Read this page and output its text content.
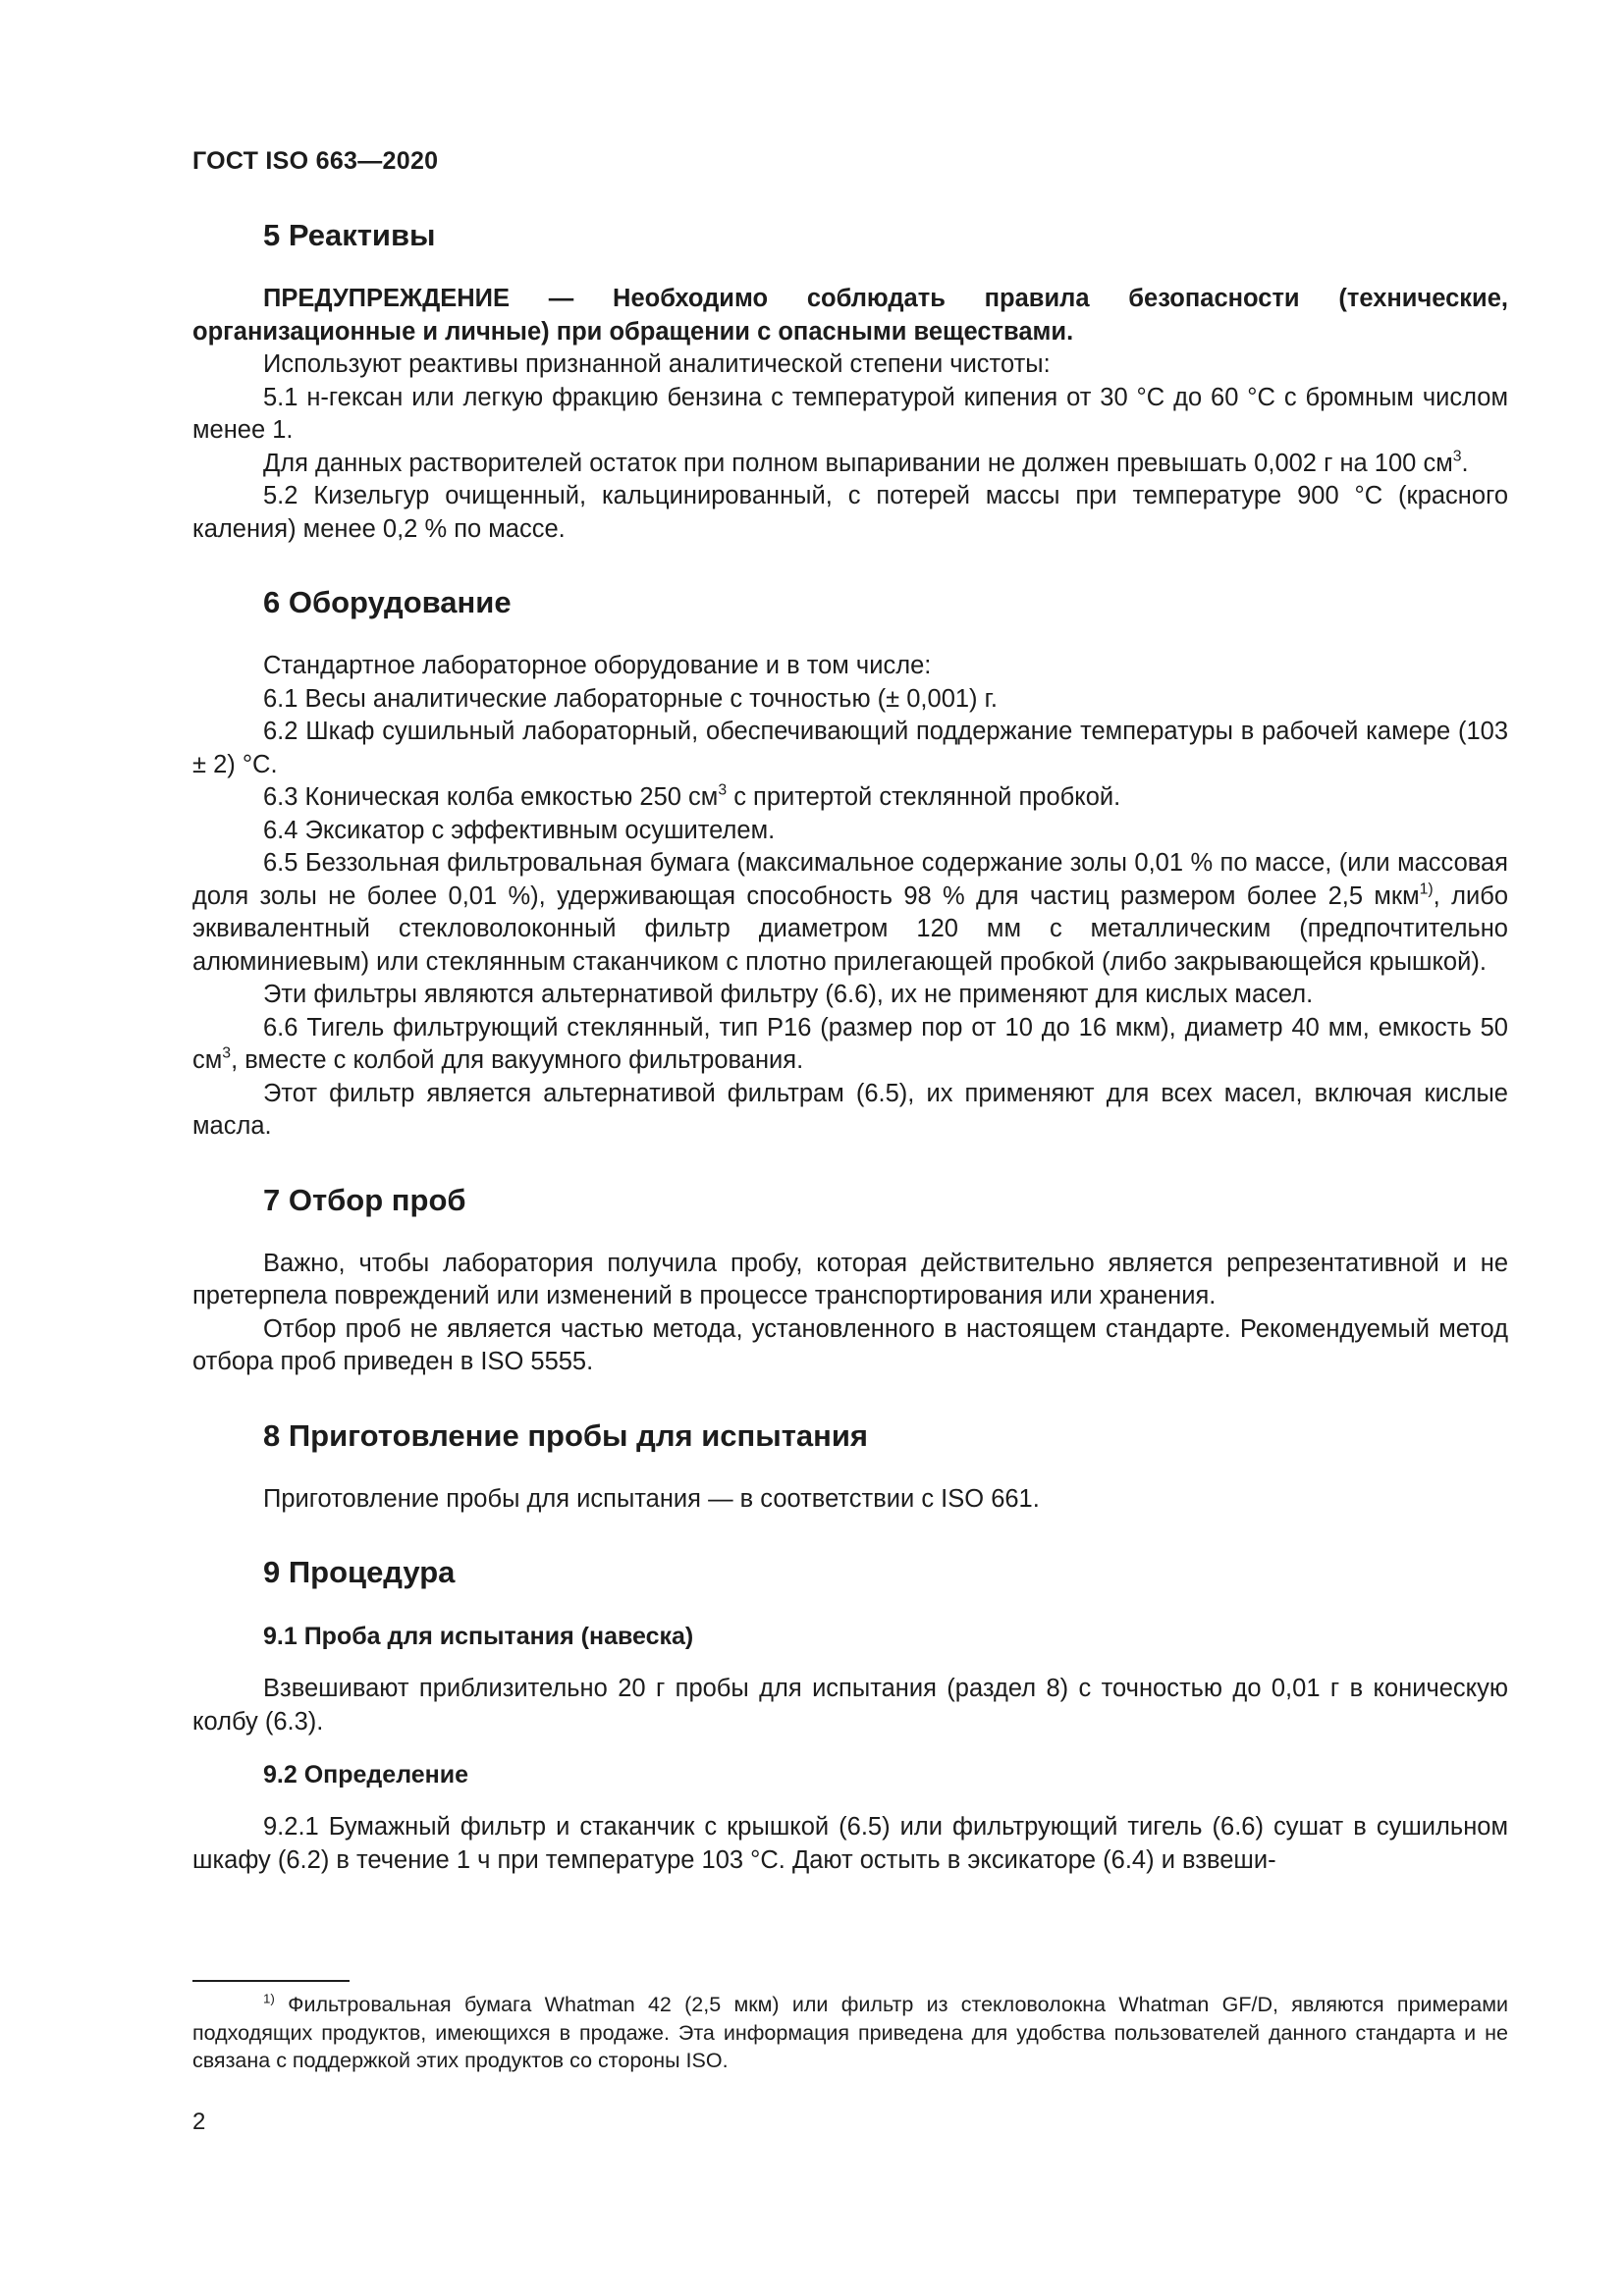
ГОСТ ISO 663—2020
5 Реактивы

ПРЕДУПРЕЖДЕНИЕ — Необходимо соблюдать правила безопасности (технические, организационные и личные) при обращении с опасными веществами.

Используют реактивы признанной аналитической степени чистоты:

5.1 н-гексан или легкую фракцию бензина с температурой кипения от 30 °С до 60 °С с бромным числом менее 1.

Для данных растворителей остаток при полном выпаривании не должен превышать 0,002 г на 100 $см^3$.

5.2 Кизельгур очищенный, кальцинированный, с потерей массы при температуре 900 °С (красного каления) менее 0,2 % по массе.

6 Оборудование

Стандартное лабораторное оборудование и в том числе:

6.1 Весы аналитические лабораторные с точностью (± 0,001) г.

6.2 Шкаф сушильный лабораторный, обеспечивающий поддержание температуры в рабочей камере (103 ± 2) °С.

6.3 Коническая колба емкостью 250 $см^3$ с притертой стеклянной пробкой.

6.4 Эксикатор с эффективным осушителем.

6.5 Беззольная фильтровальная бумага (максимальное содержание золы 0,01 % по массе, (или массовая доля золы не более 0,01 %), удерживающая способность 98 % для частиц размером более 2,5 мкм$^{1)}$, либо эквивалентный стекловолоконный фильтр диаметром 120 мм с металлическим (предпочтительно алюминиевым) или стеклянным стаканчиком с плотно прилегающей пробкой (либо закрывающейся крышкой).

Эти фильтры являются альтернативой фильтру (6.6), их не применяют для кислых масел.

6.6 Тигель фильтрующий стеклянный, тип Р16 (размер пор от 10 до 16 мкм), диаметр 40 мм, емкость 50 $см^3$, вместе с колбой для вакуумного фильтрования.

Этот фильтр является альтернативой фильтрам (6.5), их применяют для всех масел, включая кислые масла.

7 Отбор проб

Важно, чтобы лаборатория получила пробу, которая действительно является репрезентативной и не претерпела повреждений или изменений в процессе транспортирования или хранения.

Отбор проб не является частью метода, установленного в настоящем стандарте. Рекомендуемый метод отбора проб приведен в ISO 5555.

8 Приготовление пробы для испытания

Приготовление пробы для испытания — в соответствии с ISO 661.

9 Процедура
9.1 Проба для испытания (навеска)

Взвешивают приблизительно 20 г пробы для испытания (раздел 8) с точностью до 0,01 г в коническую колбу (6.3).

9.2 Определение

9.2.1 Бумажный фильтр и стаканчик с крышкой (6.5) или фильтрующий тигель (6.6) сушат в сушильном шкафу (6.2) в течение 1 ч при температуре 103 °С. Дают остыть в эксикаторе (6.4) и взвеши-

$^{1)}$ Фильтровальная бумага Whatman 42 (2,5 мкм) или фильтр из стекловолокна Whatman GF/D, являются примерами подходящих продуктов, имеющихся в продаже. Эта информация приведена для удобства пользователей данного стандарта и не связана с поддержкой этих продуктов со стороны ISO.
2
